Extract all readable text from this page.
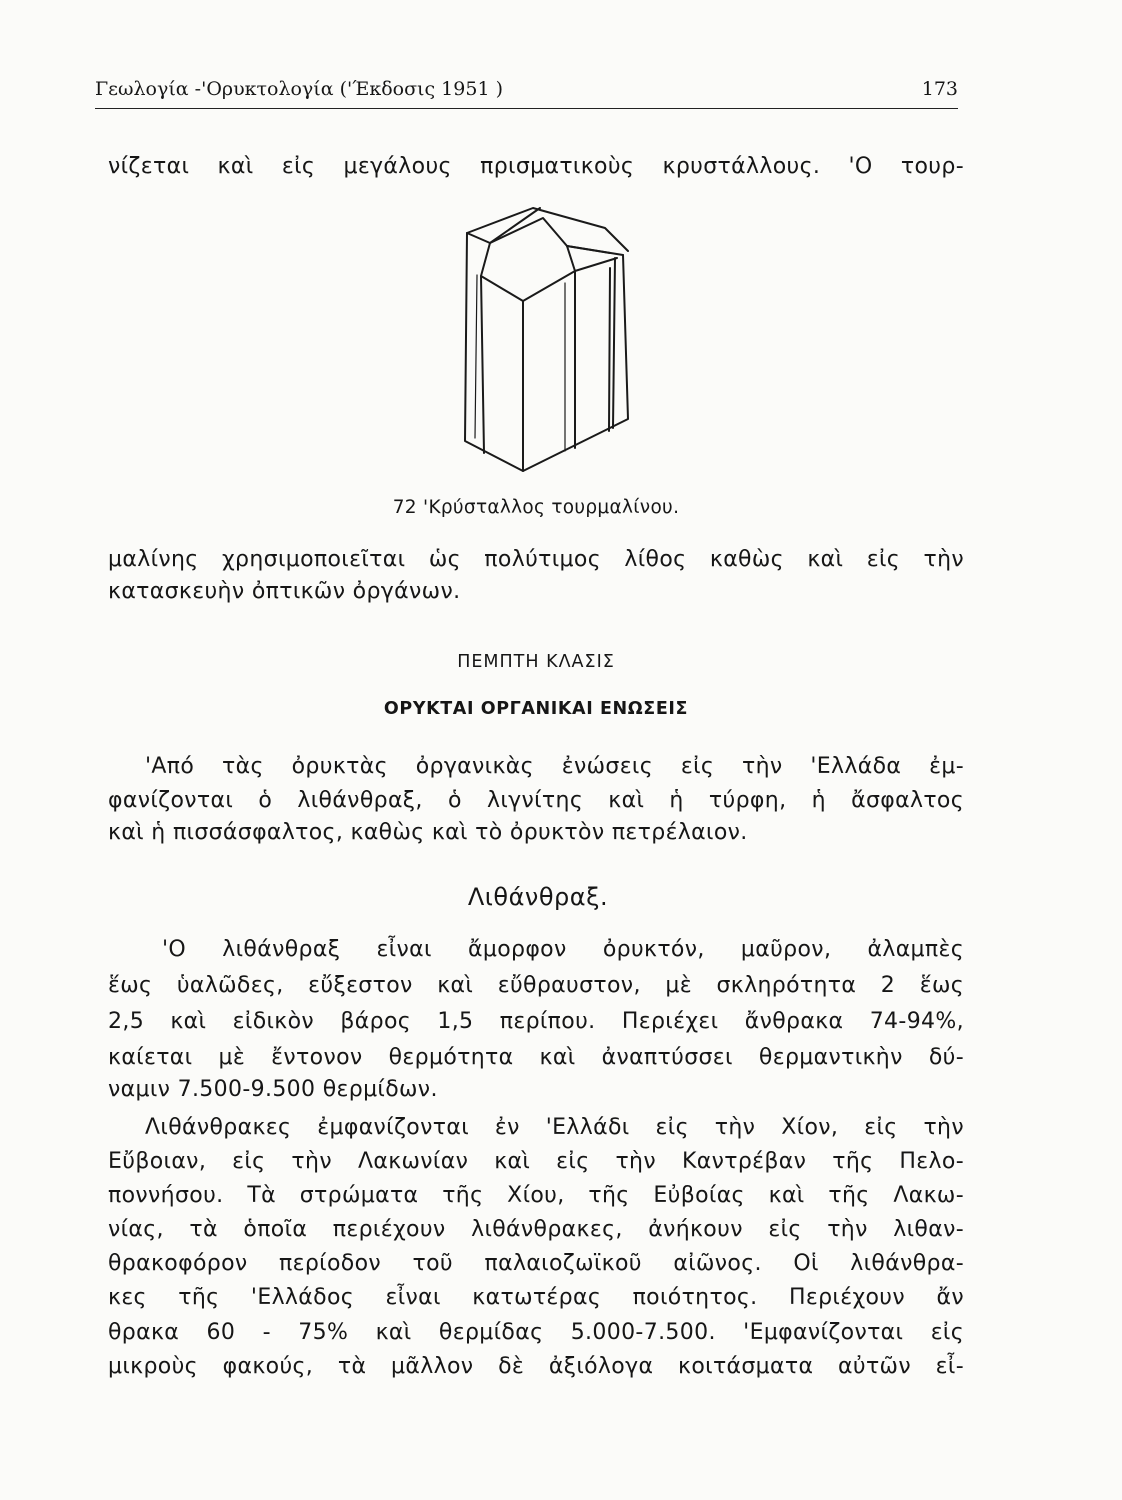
Γεωλογία -'Ορυκτολογία ('Έκδοσις 1951 )	173
νίζεται καὶ εἰς μεγάλους πρισματικοὺς κρυστάλλους. 'Ο τουρ-
72 'Κρύσταλλος τουρμαλίνου.
μαλίνης χρησιμοποιεῖται ὡς πολύτιμος λίθος καθὼς καὶ εἰς τὴν
κατασκευὴν ὀπτικῶν ὀργάνων.
ΠΕΜΠΤΗ ΚΛΑΣΙΣ
ΟΡΥΚΤΑΙ ΟΡΓΑΝΙΚΑΙ ΕΝΩΣΕΙΣ
'Από τὰς ὀρυκτὰς ὀργανικὰς ἐνώσεις εἰς τὴν 'Ελλάδα ἐμ-
φανίζονται ὁ λιθάνθραξ, ὁ λιγνίτης καὶ ἡ τύρφη, ἡ ἄσφαλτος
καὶ ἡ πισσάσφαλτος, καθὼς καὶ τὸ ὀρυκτὸν πετρέλαιον.
Λιθάνθραξ.
'Ο λιθάνθραξ εἶναι ἄμορφον ὀρυκτόν, μαῦρον, ἀλαμπὲς
ἕως ὑαλῶδες, εὔξεστον καὶ εὔθραυστον, μὲ σκληρότητα 2 ἕως
2,5 καὶ εἰδικὸν βάρος 1,5 περίπου. Περιέχει ἄνθρακα 74-94%,
καίεται μὲ ἔντονον θερμότητα καὶ ἀναπτύσσει θερμαντικὴν δύ-
ναμιν 7.500-9.500 θερμίδων.
Λιθάνθρακες ἐμφανίζονται ἐν 'Ελλάδι εἰς τὴν Χίον, εἰς τὴν
Εὔβοιαν, εἰς τὴν Λακωνίαν καὶ εἰς τὴν Καντρέβαν τῆς Πελο-
ποννήσου. Τὰ στρώματα τῆς Χίου, τῆς Εὐβοίας καὶ τῆς Λακω-
νίας, τὰ ὁποῖα περιέχουν λιθάνθρακες, ἀνήκουν εἰς τὴν λιθαν-
θρακοφόρον περίοδον τοῦ παλαιοζωϊκοῦ αἰῶνος. Οἱ λιθάνθρα-
κες τῆς 'Ελλάδος εἶναι κατωτέρας ποιότητος. Περιέχουν ἄν
θρακα 60 - 75% καὶ θερμίδας 5.000-7.500. 'Εμφανίζονται εἰς
μικροὺς φακούς, τὰ μᾶλλον δὲ ἀξιόλογα κοιτάσματα αὐτῶν εἶ-
